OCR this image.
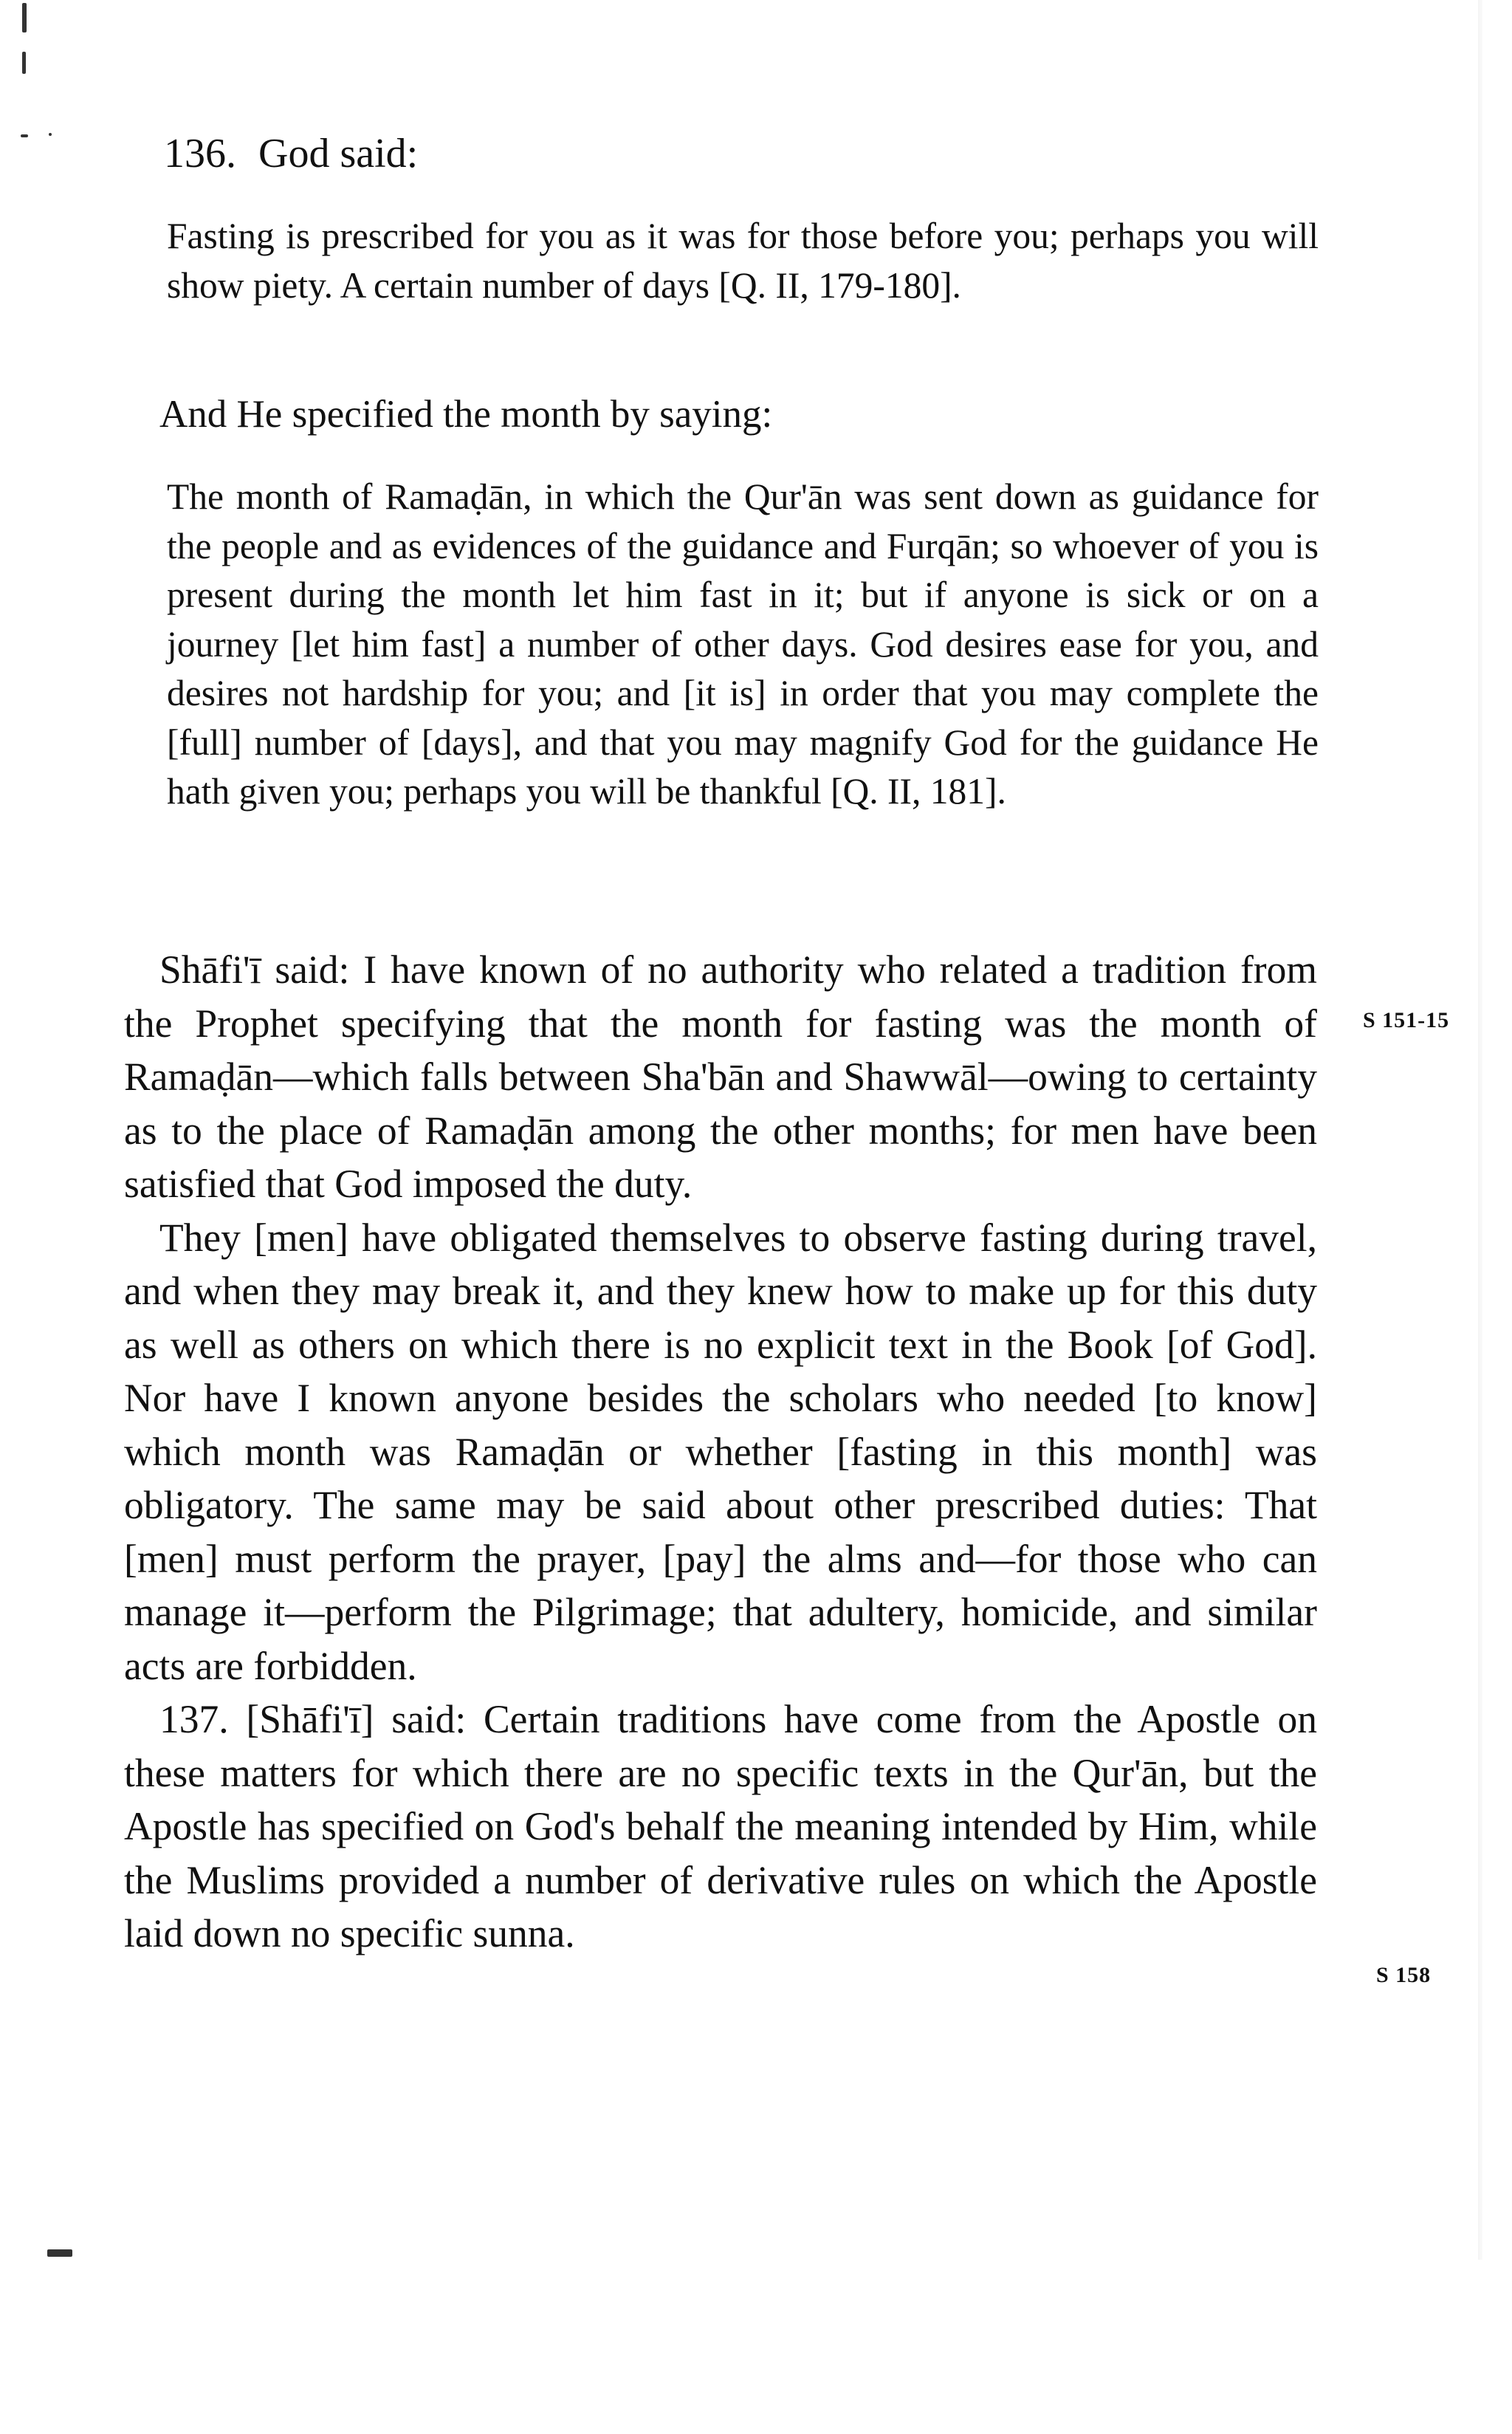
136. God said:
Fasting is prescribed for you as it was for those before you; perhaps you will show piety. A certain number of days [Q. II, 179-180].
And He specified the month by saying:
The month of Ramaḍān, in which the Qur'ān was sent down as guidance for the people and as evidences of the guidance and Furqān; so whoever of you is present during the month let him fast in it; but if anyone is sick or on a journey [let him fast] a number of other days. God desires ease for you, and desires not hardship for you; and [it is] in order that you may complete the [full] number of [days], and that you may magnify God for the guidance He hath given you; perhaps you will be thankful [Q. II, 181].

Shāfi'ī said: I have known of no authority who related a tradition from the Prophet specifying that the month for fasting was the month of Ramaḍān—which falls between Sha'bān and Shawwāl—owing to certainty as to the place of Ramaḍān among the other months; for men have been satisfied that God imposed the duty.

They [men] have obligated themselves to observe fasting during travel, and when they may break it, and they knew how to make up for this duty as well as others on which there is no explicit text in the Book [of God]. Nor have I known anyone besides the scholars who needed [to know] which month was Ramaḍān or whether [fasting in this month] was obligatory. The same may be said about other prescribed duties: That [men] must perform the prayer, [pay] the alms and—for those who can manage it—perform the Pilgrimage; that adultery, homicide, and similar acts are forbidden.

137. [Shāfi'ī] said: Certain traditions have come from the Apostle on these matters for which there are no specific texts in the Qur'ān, but the Apostle has specified on God's behalf the meaning intended by Him, while the Muslims provided a number of derivative rules on which the Apostle laid down no specific sunna.

S 151-15
S 158
